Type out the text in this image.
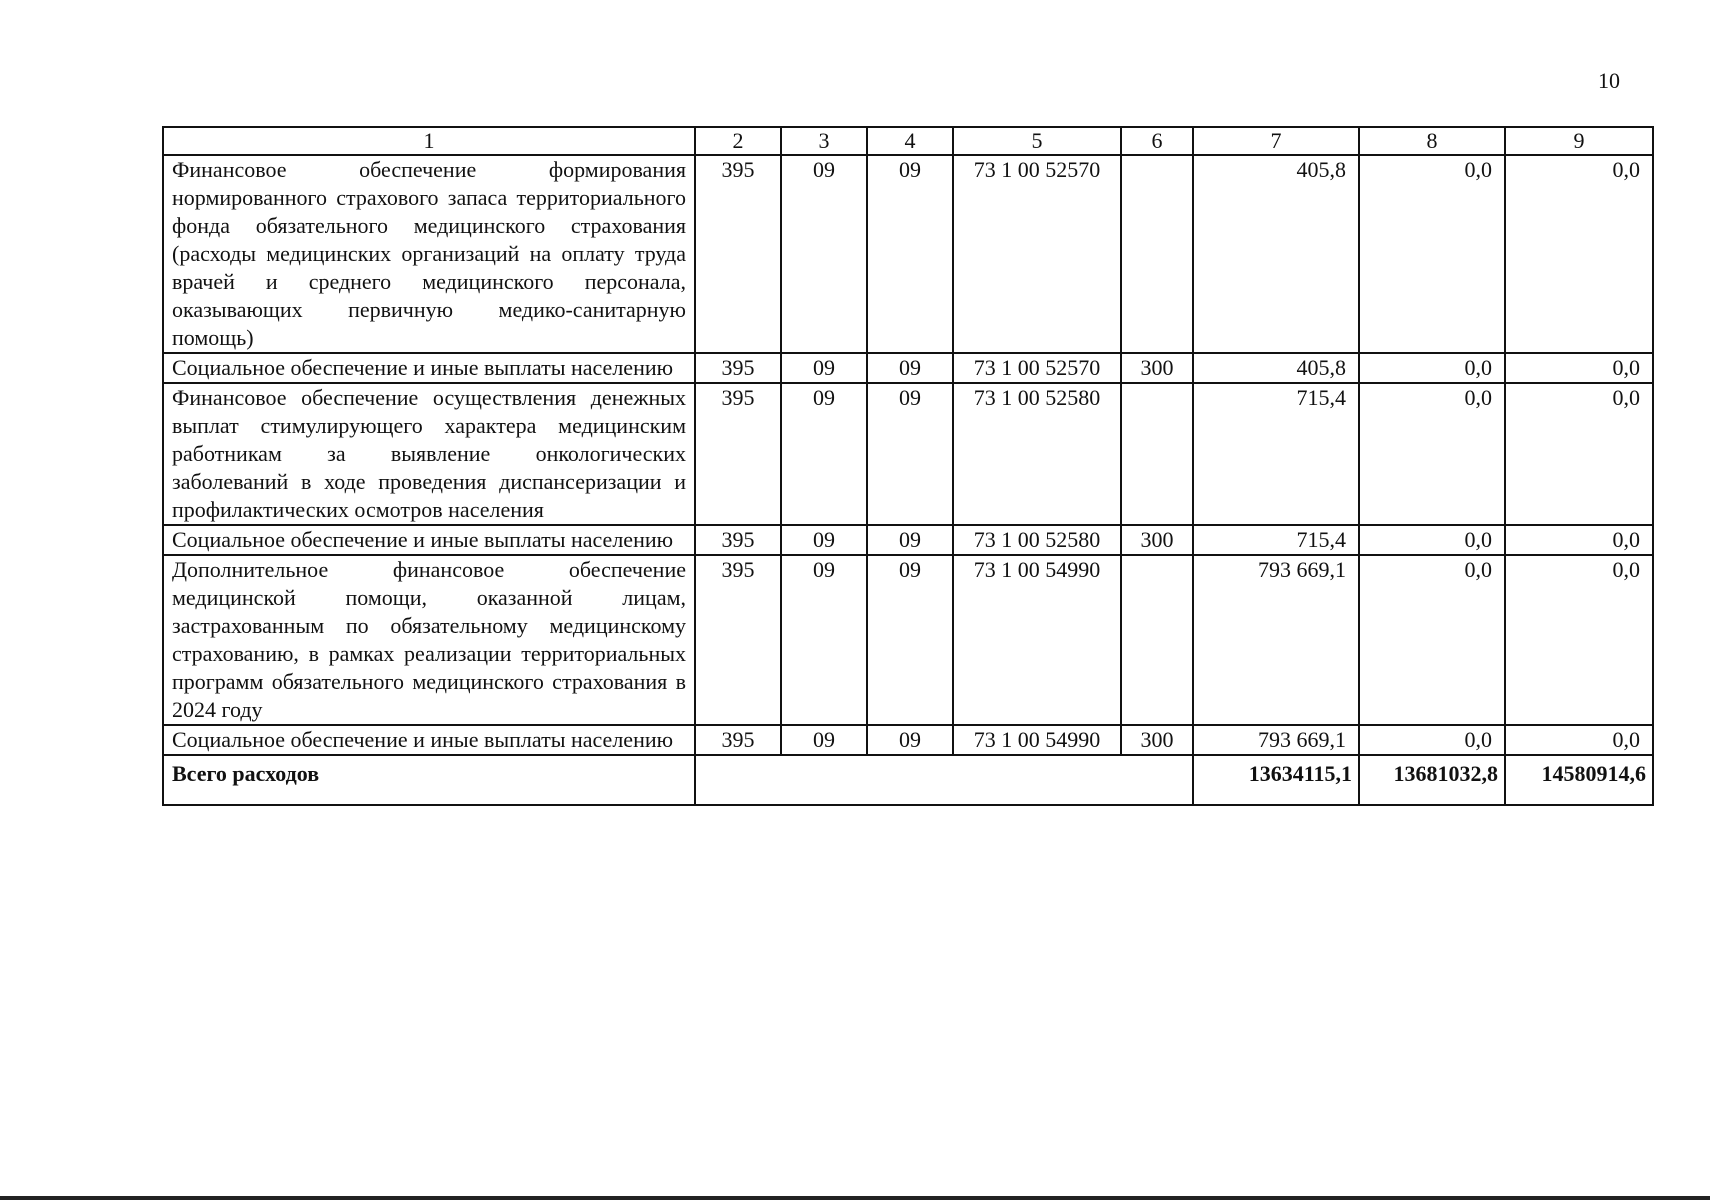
10
1	2	3	4	5	6	7	8	9
Финансовое обеспечение формирования нормированного страхового запаса территориального фонда обязательного медицинского страхования (расходы медицинских организаций на оплату труда врачей и среднего медицинского персонала, оказывающих первичную медико-санитарную помощь)	395	09	09	73 1 00 52570		405,8	0,0	0,0
Социальное обеспечение и иные выплаты населению	395	09	09	73 1 00 52570	300	405,8	0,0	0,0
Финансовое обеспечение осуществления денежных выплат стимулирующего характера медицинским работникам за выявление онкологических заболеваний в ходе проведения диспансеризации и профилактических осмотров населения	395	09	09	73 1 00 52580		715,4	0,0	0,0
Социальное обеспечение и иные выплаты населению	395	09	09	73 1 00 52580	300	715,4	0,0	0,0
Дополнительное финансовое обеспечение медицинской помощи, оказанной лицам, застрахованным по обязательному медицинскому страхованию, в рамках реализации территориальных программ обязательного медицинского страхования в 2024 году	395	09	09	73 1 00 54990		793 669,1	0,0	0,0
Социальное обеспечение и иные выплаты населению	395	09	09	73 1 00 54990	300	793 669,1	0,0	0,0
Всего расходов						13634115,1	13681032,8	14580914,6
